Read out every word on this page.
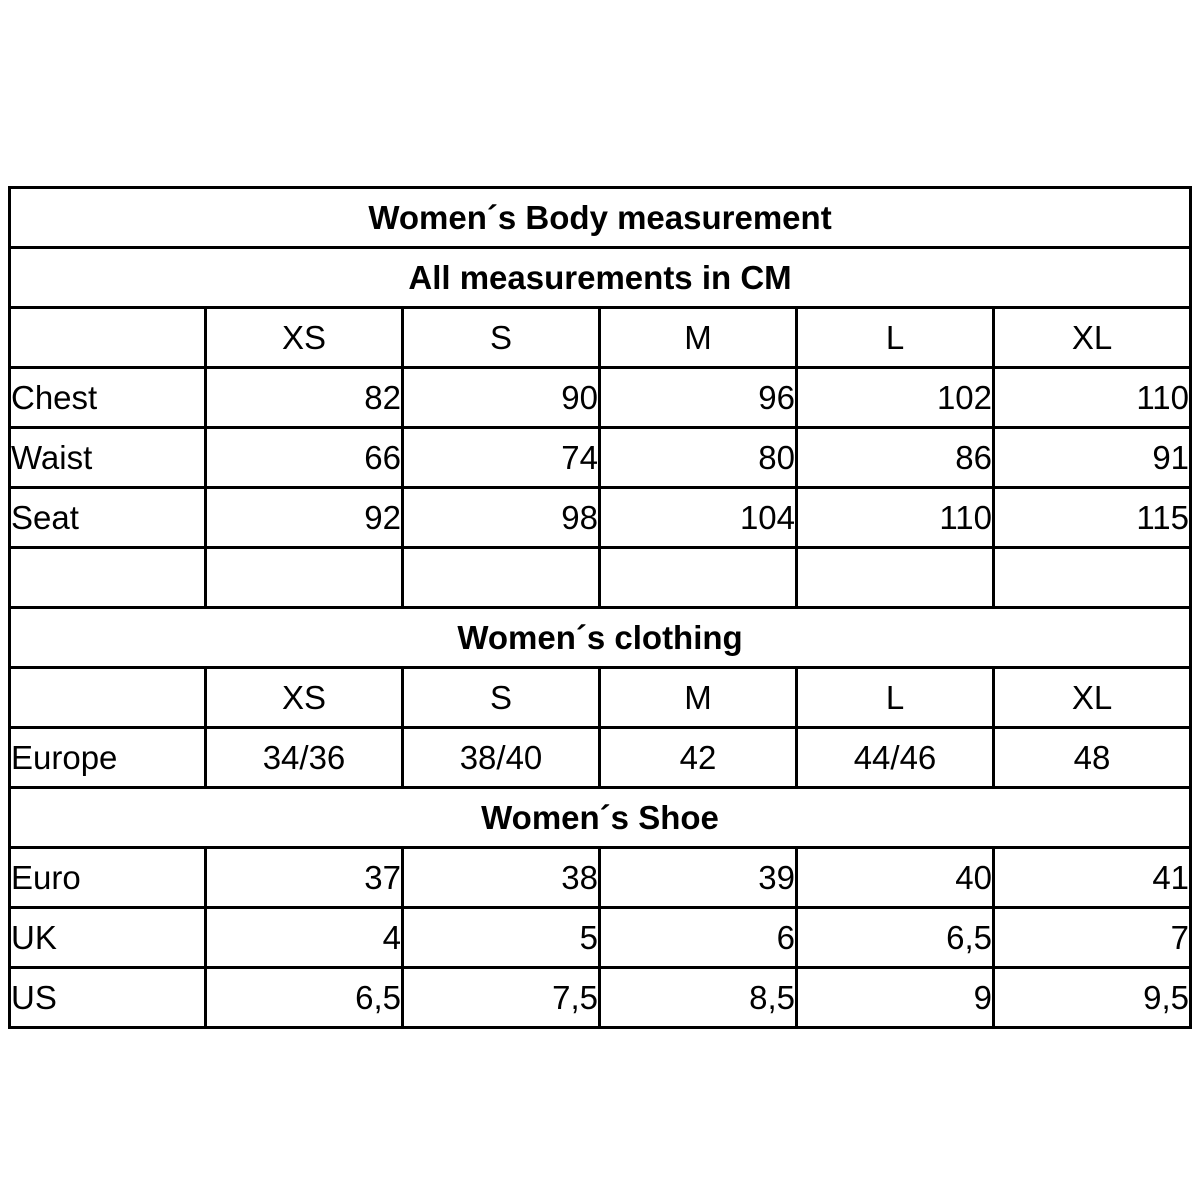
Women´s Body measurement					
All measurements in CM					
	XS	S	M	L	XL
Chest	82	90	96	102	110
Waist	66	74	80	86	91
Seat	92	98	104	110	115

Women´s clothing					
	XS	S	M	L	XL
Europe	34/36	38/40	42	44/46	48
Women´s Shoe					
Euro	37	38	39	40	41
UK	4	5	6	6,5	7
US	6,5	7,5	8,5	9	9,5
